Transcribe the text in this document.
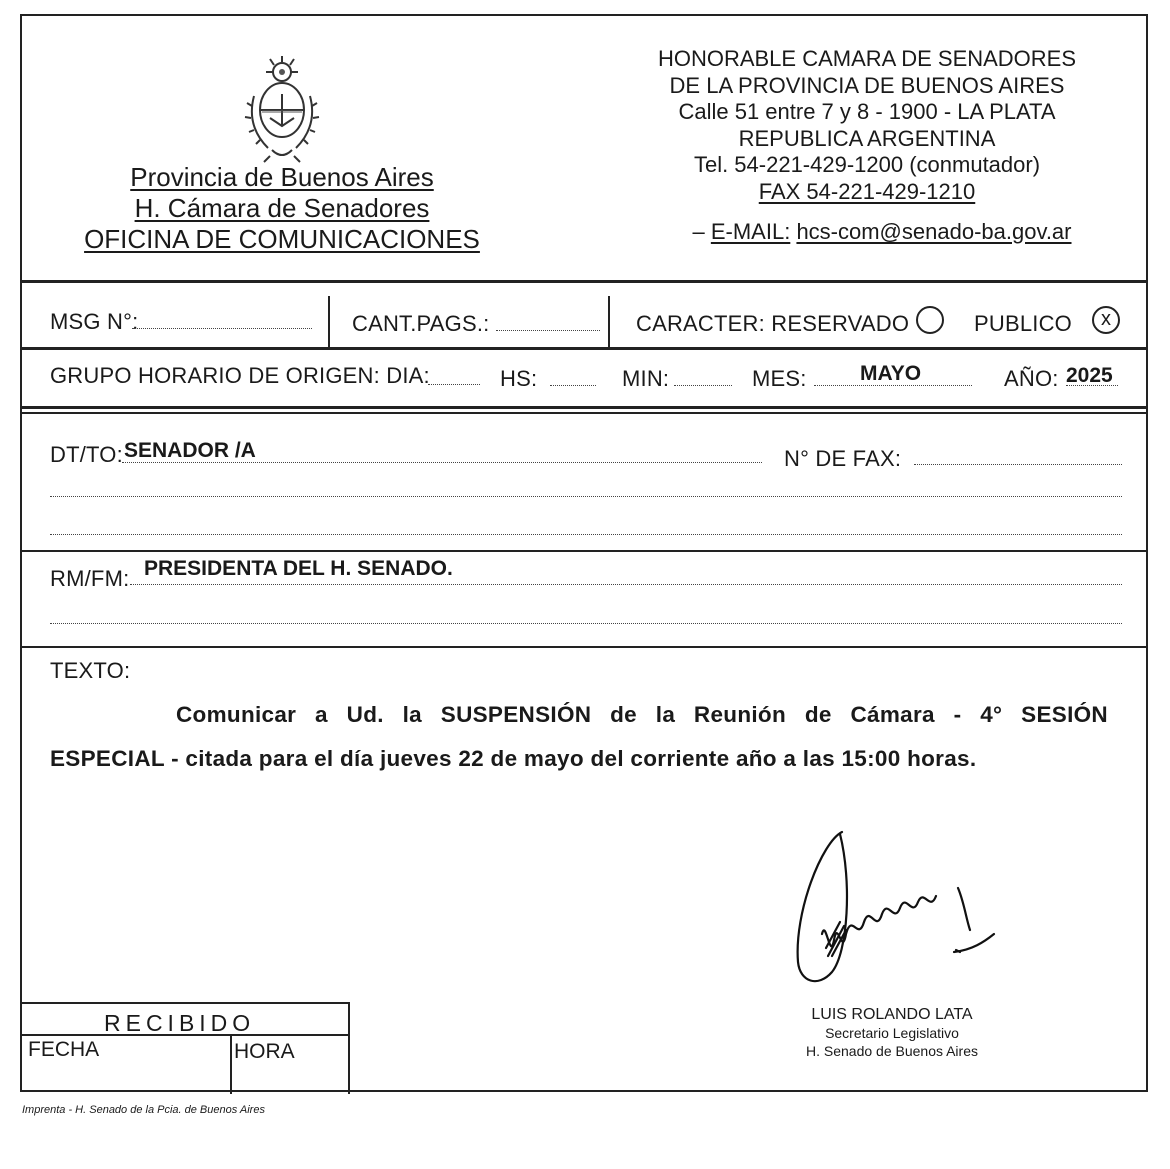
Provincia de Buenos Aires
H. Cámara de Senadores
OFICINA DE COMUNICACIONES
HONORABLE CAMARA DE SENADORES
DE LA PROVINCIA DE BUENOS AIRES
Calle 51 entre 7 y 8 - 1900 - LA PLATA
REPUBLICA ARGENTINA
Tel. 54-221-429-1200 (conmutador)
FAX 54-221-429-1210
– E-MAIL: hcs-com@senado-ba.gov.ar
MSG N°:	CANT.PAGS.:	CARACTER: RESERVADO	PUBLICO	x
GRUPO HORARIO DE ORIGEN: DIA:	HS:	MIN:	MES:	MAYO	AÑO: 2025
DT/TO: SENADOR /A	N° DE FAX:
RM/FM: PRESIDENTA DEL H. SENADO.
TEXTO:
Comunicar a Ud. la SUSPENSIÓN de la Reunión de Cámara - 4° SESIÓN
ESPECIAL - citada para el día jueves 22 de mayo del corriente año a las 15:00 horas.
LUIS ROLANDO LATA
Secretario Legislativo
H. Senado de Buenos Aires
RECIBIDO
FECHA	HORA
Imprenta - H. Senado de la Pcia. de Buenos Aires
